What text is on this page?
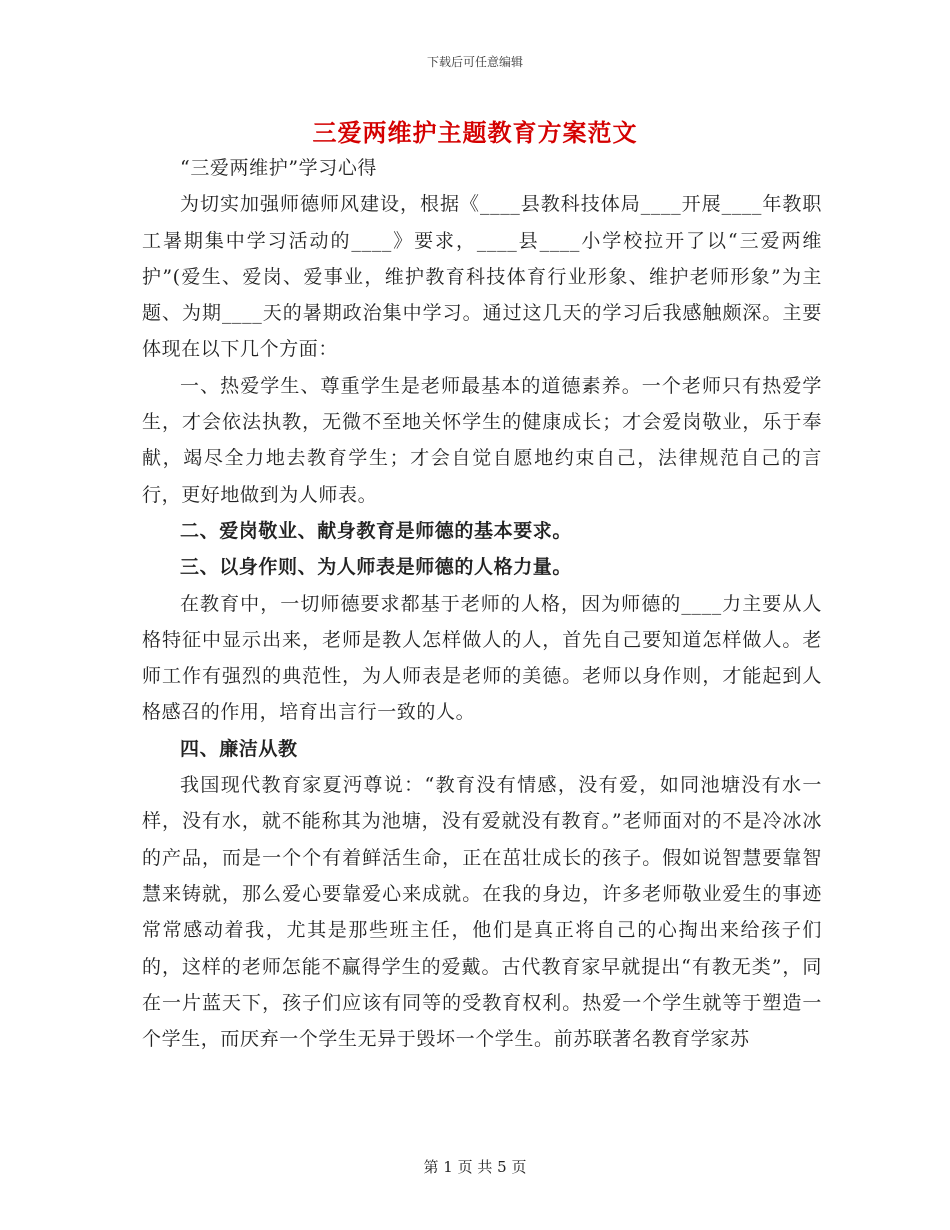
下载后可任意编辑
三爱两维护主题教育方案范文

“三爱两维护”学习心得

为切实加强师德师风建设，根据《____县教科技体局____开展____年教职工暑期集中学习活动的____》要求，____县____小学校拉开了以“三爱两维护”(爱生、爱岗、爱事业，维护教育科技体育行业形象、维护老师形象”为主题、为期____天的暑期政治集中学习。通过这几天的学习后我感触颇深。主要体现在以下几个方面：

一、热爱学生、尊重学生是老师最基本的道德素养。一个老师只有热爱学生，才会依法执教，无微不至地关怀学生的健康成长；才会爱岗敬业，乐于奉献，竭尽全力地去教育学生；才会自觉自愿地约束自己，法律规范自己的言行，更好地做到为人师表。

二、爱岗敬业、献身教育是师德的基本要求。

三、以身作则、为人师表是师德的人格力量。

在教育中，一切师德要求都基于老师的人格，因为师德的____力主要从人格特征中显示出来，老师是教人怎样做人的人，首先自己要知道怎样做人。老师工作有强烈的典范性，为人师表是老师的美德。老师以身作则，才能起到人格感召的作用，培育出言行一致的人。

四、廉洁从教

我国现代教育家夏沔尊说：“教育没有情感，没有爱，如同池塘没有水一样，没有水，就不能称其为池塘，没有爱就没有教育。”老师面对的不是冷冰冰的产品，而是一个个有着鲜活生命，正在茁壮成长的孩子。假如说智慧要靠智慧来铸就，那么爱心要靠爱心来成就。在我的身边，许多老师敬业爱生的事迹常常感动着我，尤其是那些班主任，他们是真正将自己的心掏出来给孩子们的，这样的老师怎能不赢得学生的爱戴。古代教育家早就提出“有教无类”，同在一片蓝天下，孩子们应该有同等的受教育权利。热爱一个学生就等于塑造一个学生，而厌弃一个学生无异于毁坏一个学生。前苏联著名教育学家苏

第 1 页 共 5 页
